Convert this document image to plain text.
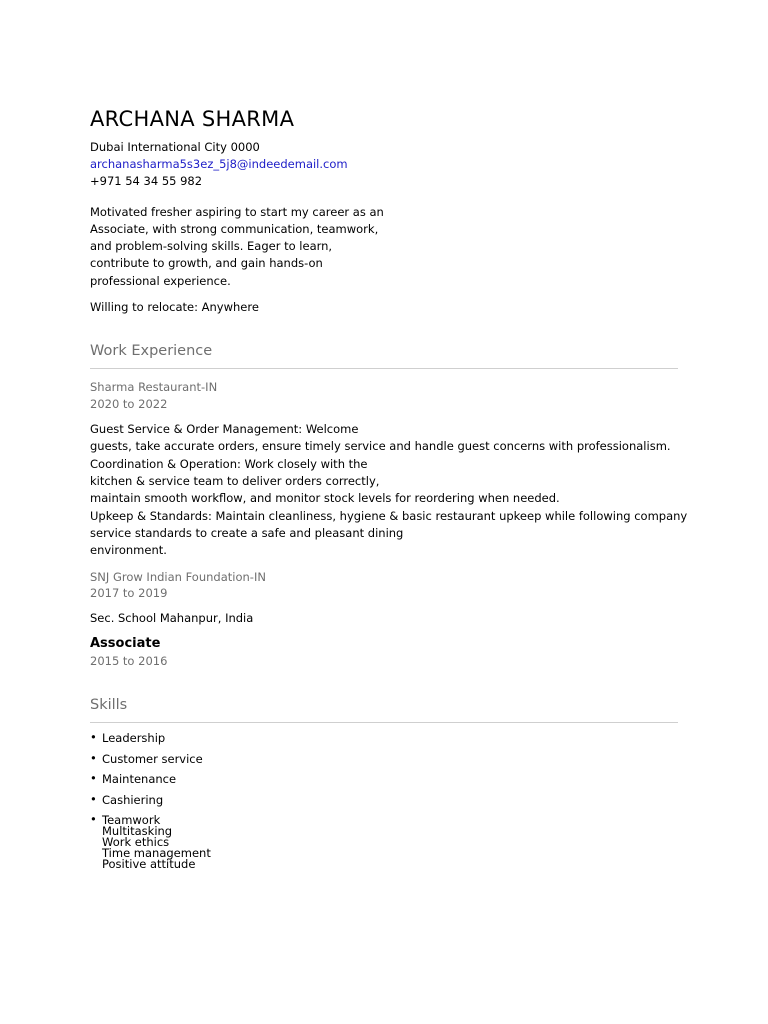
ARCHANA SHARMA
Dubai International City 0000
archanasharma5s3ez_5j8@indeedemail.com
+971 54 34 55 982
Motivated fresher aspiring to start my career as an
Associate, with strong communication, teamwork,
and problem-solving skills. Eager to learn,
contribute to growth, and gain hands-on
professional experience.
Willing to relocate: Anywhere
Work Experience
Sharma Restaurant-IN
2020 to 2022
Guest Service & Order Management: Welcome
guests, take accurate orders, ensure timely service and handle guest concerns with professionalism.
Coordination & Operation: Work closely with the
kitchen & service team to deliver orders correctly,
maintain smooth workflow, and monitor stock levels for reordering when needed.
Upkeep & Standards: Maintain cleanliness, hygiene & basic restaurant upkeep while following company
service standards to create a safe and pleasant dining
environment.
SNJ Grow Indian Foundation-IN
2017 to 2019
Sec. School Mahanpur, India
Associate
2015 to 2016
Skills
• Leadership
• Customer service
• Maintenance
• Cashiering
• Teamwork
Multitasking
Work ethics
Time management
Positive attitude
